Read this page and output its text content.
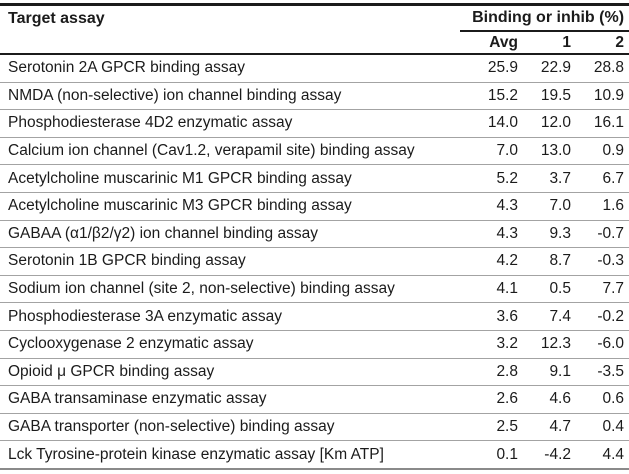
Target assay	Binding or inhib (%)		
	Avg	1	2
Serotonin 2A GPCR binding assay	25.9	22.9	28.8
NMDA (non-selective) ion channel binding assay	15.2	19.5	10.9
Phosphodiesterase 4D2 enzymatic assay	14.0	12.0	16.1
Calcium ion channel (Cav1.2, verapamil site) binding assay	7.0	13.0	0.9
Acetylcholine muscarinic M1 GPCR binding assay	5.2	3.7	6.7
Acetylcholine muscarinic M3 GPCR binding assay	4.3	7.0	1.6
GABAA (α1/β2/γ2) ion channel binding assay	4.3	9.3	-0.7
Serotonin 1B GPCR binding assay	4.2	8.7	-0.3
Sodium ion channel (site 2, non-selective) binding assay	4.1	0.5	7.7
Phosphodiesterase 3A enzymatic assay	3.6	7.4	-0.2
Cyclooxygenase 2 enzymatic assay	3.2	12.3	-6.0
Opioid μ GPCR binding assay	2.8	9.1	-3.5
GABA transaminase enzymatic assay	2.6	4.6	0.6
GABA transporter (non-selective) binding assay	2.5	4.7	0.4
Lck Tyrosine-protein kinase enzymatic assay [Km ATP]	0.1	-4.2	4.4
